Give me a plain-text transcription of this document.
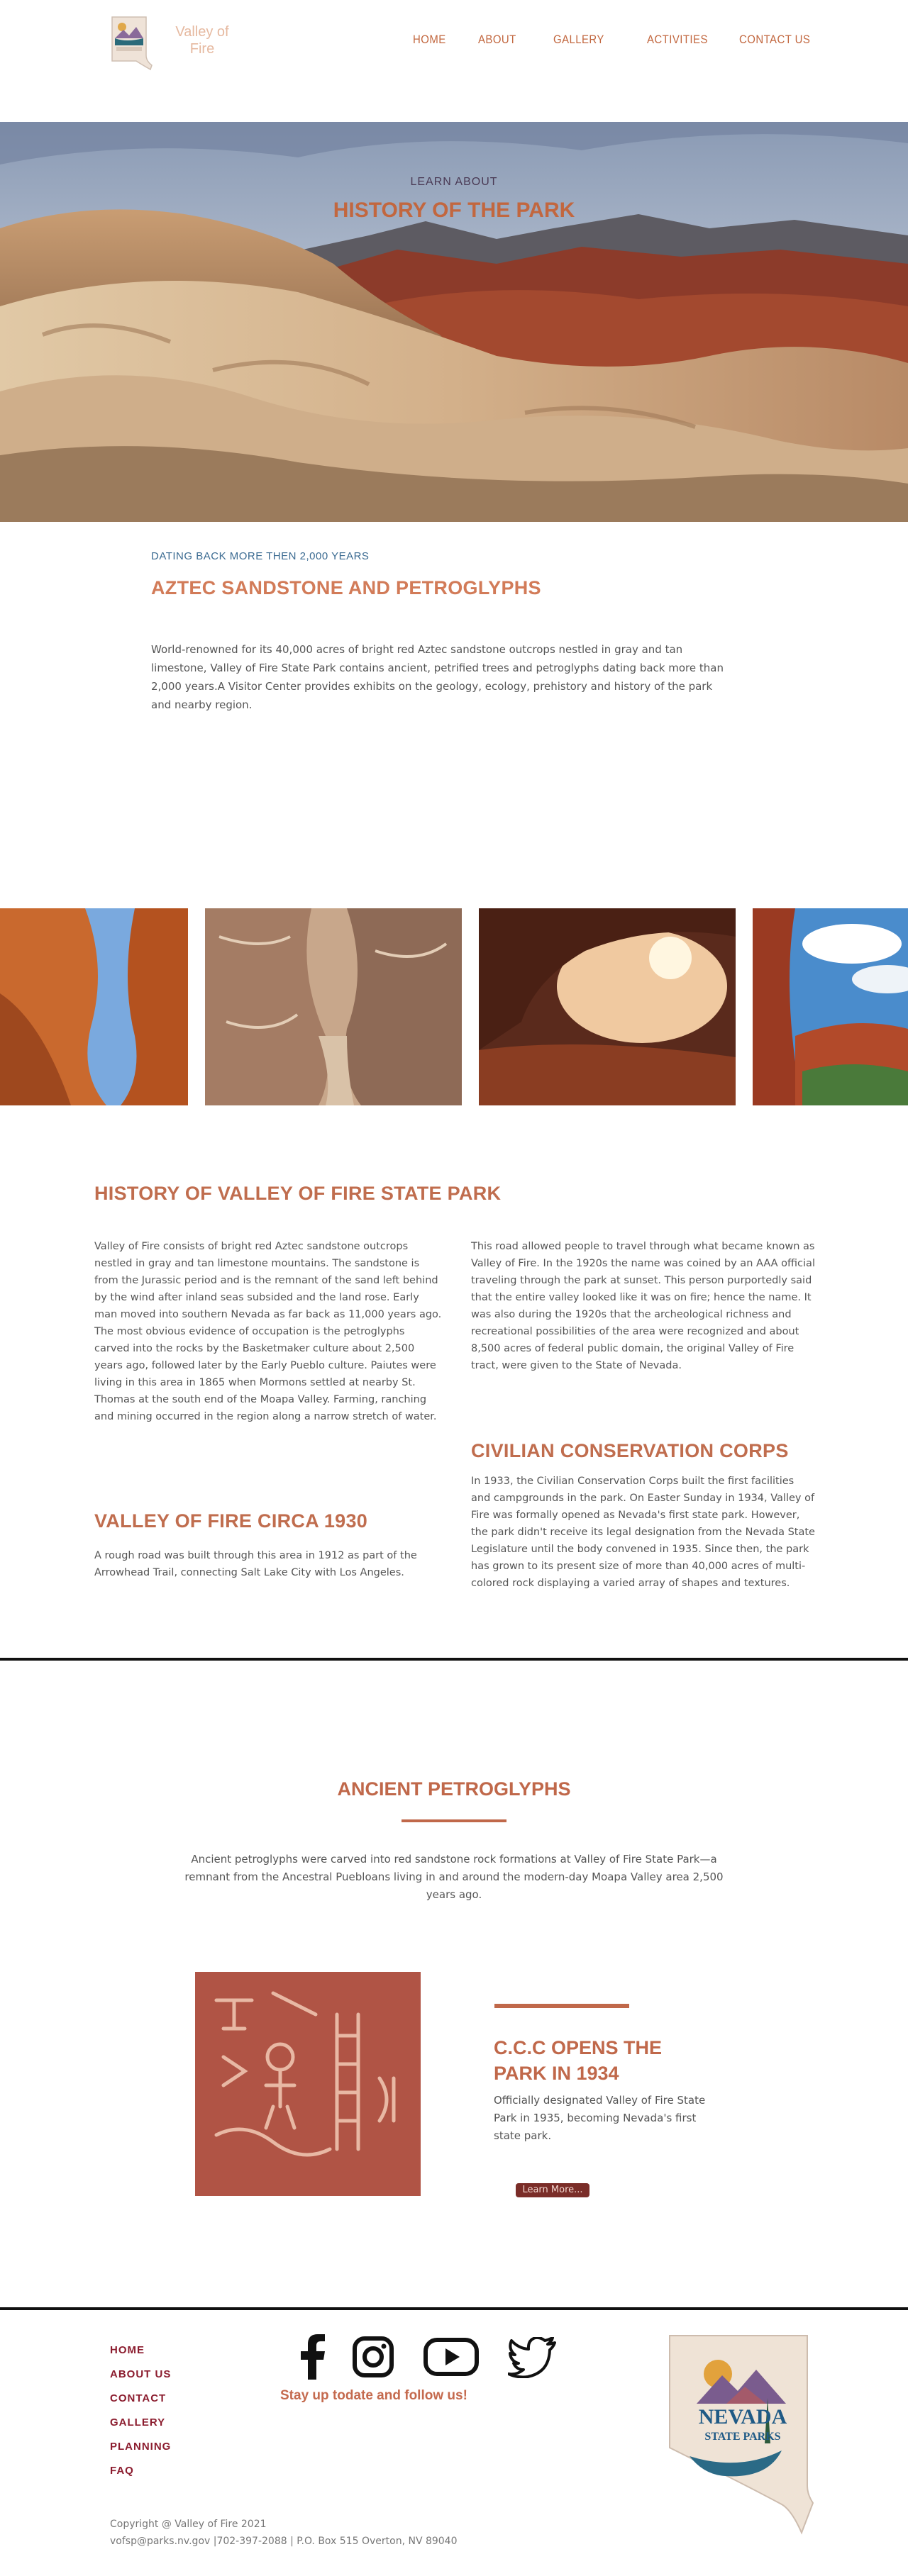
Valley of Fire
HOME	ABOUT	GALLERY	ACTIVITIES	CONTACT US
LEARN ABOUT
HISTORY OF THE PARK
DATING BACK MORE THEN 2,000 YEARS
AZTEC SANDSTONE AND PETROGLYPHS
World-renowned for its 40,000 acres of bright red Aztec sandstone outcrops nestled in gray and tan limestone, Valley of Fire State Park contains ancient, petrified trees and petroglyphs dating back more than 2,000 years.A Visitor Center provides exhibits on the geology, ecology, prehistory and history of the park and nearby region.
HISTORY OF VALLEY OF FIRE STATE PARK
Valley of Fire consists of bright red Aztec sandstone outcrops nestled in gray and tan limestone mountains. The sandstone is from the Jurassic period and is the remnant of the sand left behind by the wind after inland seas subsided and the land rose. Early man moved into southern Nevada as far back as 11,000 years ago. The most obvious evidence of occupation is the petroglyphs carved into the rocks by the Basketmaker culture about 2,500 years ago, followed later by the Early Pueblo culture. Paiutes were living in this area in 1865 when Mormons settled at nearby St. Thomas at the south end of the Moapa Valley. Farming, ranching and mining occurred in the region along a narrow stretch of water.
This road allowed people to travel through what became known as Valley of Fire. In the 1920s the name was coined by an AAA official traveling through the park at sunset. This person purportedly said that the entire valley looked like it was on fire; hence the name. It was also during the 1920s that the archeological richness and recreational possibilities of the area were recognized and about 8,500 acres of federal public domain, the original Valley of Fire tract, were given to the State of Nevada.
VALLEY OF FIRE CIRCA 1930
A rough road was built through this area in 1912 as part of the Arrowhead Trail, connecting Salt Lake City with Los Angeles.
CIVILIAN CONSERVATION CORPS
In 1933, the Civilian Conservation Corps built the first facilities and campgrounds in the park. On Easter Sunday in 1934, Valley of Fire was formally opened as Nevada's first state park. However, the park didn't receive its legal designation from the Nevada State Legislature until the body convened in 1935. Since then, the park has grown to its present size of more than 40,000 acres of multi-colored rock displaying a varied array of shapes and textures.
ANCIENT PETROGLYPHS
Ancient petroglyphs were carved into red sandstone rock formations at Valley of Fire State Park—a remnant from the Ancestral Puebloans living in and around the modern-day Moapa Valley area 2,500 years ago.
C.C.C OPENS THE PARK IN 1934
Officially designated Valley of Fire State Park in 1935, becoming Nevada's first state park.
Learn More...
HOME
ABOUT US
CONTACT
GALLERY
PLANNING
FAQ
Stay up todate and follow us!
NEVADA
STATE PARKS
Copyright @ Valley of Fire 2021
vofsp@parks.nv.gov |702-397-2088 | P.O. Box 515 Overton, NV 89040
